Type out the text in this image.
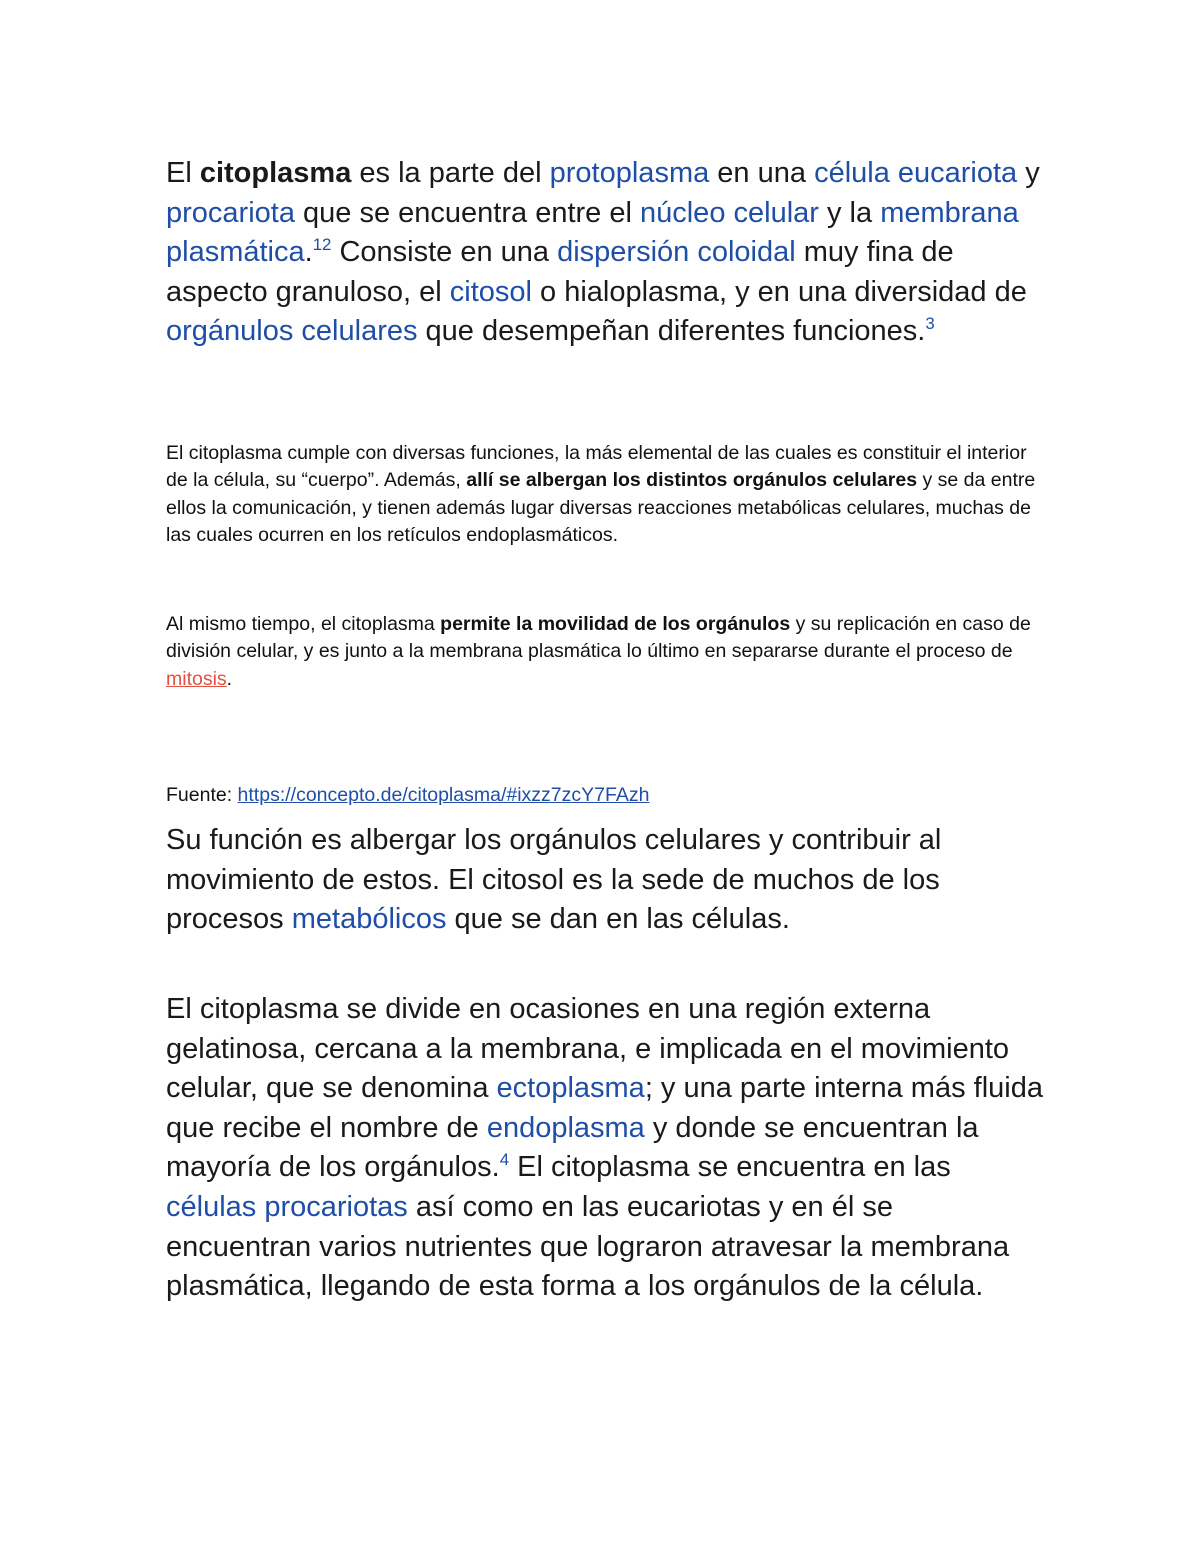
El citoplasma es la parte del protoplasma en una célula eucariota y procariota que se encuentra entre el núcleo celular y la membrana plasmática.$^{12}$ Consiste en una dispersión coloidal muy fina de aspecto granuloso, el citosol o hialoplasma, y en una diversidad de orgánulos celulares que desempeñan diferentes funciones.$^3$

El citoplasma cumple con diversas funciones, la más elemental de las cuales es constituir el interior de la célula, su “cuerpo”. Además, allí se albergan los distintos orgánulos celulares y se da entre ellos la comunicación, y tienen además lugar diversas reacciones metabólicas celulares, muchas de las cuales ocurren en los retículos endoplasmáticos.

Al mismo tiempo, el citoplasma permite la movilidad de los orgánulos y su replicación en caso de división celular, y es junto a la membrana plasmática lo último en separarse durante el proceso de mitosis.

Fuente: https://concepto.de/citoplasma/#ixzz7zcY7FAzh

Su función es albergar los orgánulos celulares y contribuir al movimiento de estos. El citosol es la sede de muchos de los procesos metabólicos que se dan en las células.

El citoplasma se divide en ocasiones en una región externa gelatinosa, cercana a la membrana, e implicada en el movimiento celular, que se denomina ectoplasma; y una parte interna más fluida que recibe el nombre de endoplasma y donde se encuentran la mayoría de los orgánulos.$^4$ El citoplasma se encuentra en las células procariotas así como en las eucariotas y en él se encuentran varios nutrientes que lograron atravesar la membrana plasmática, llegando de esta forma a los orgánulos de la célula.
